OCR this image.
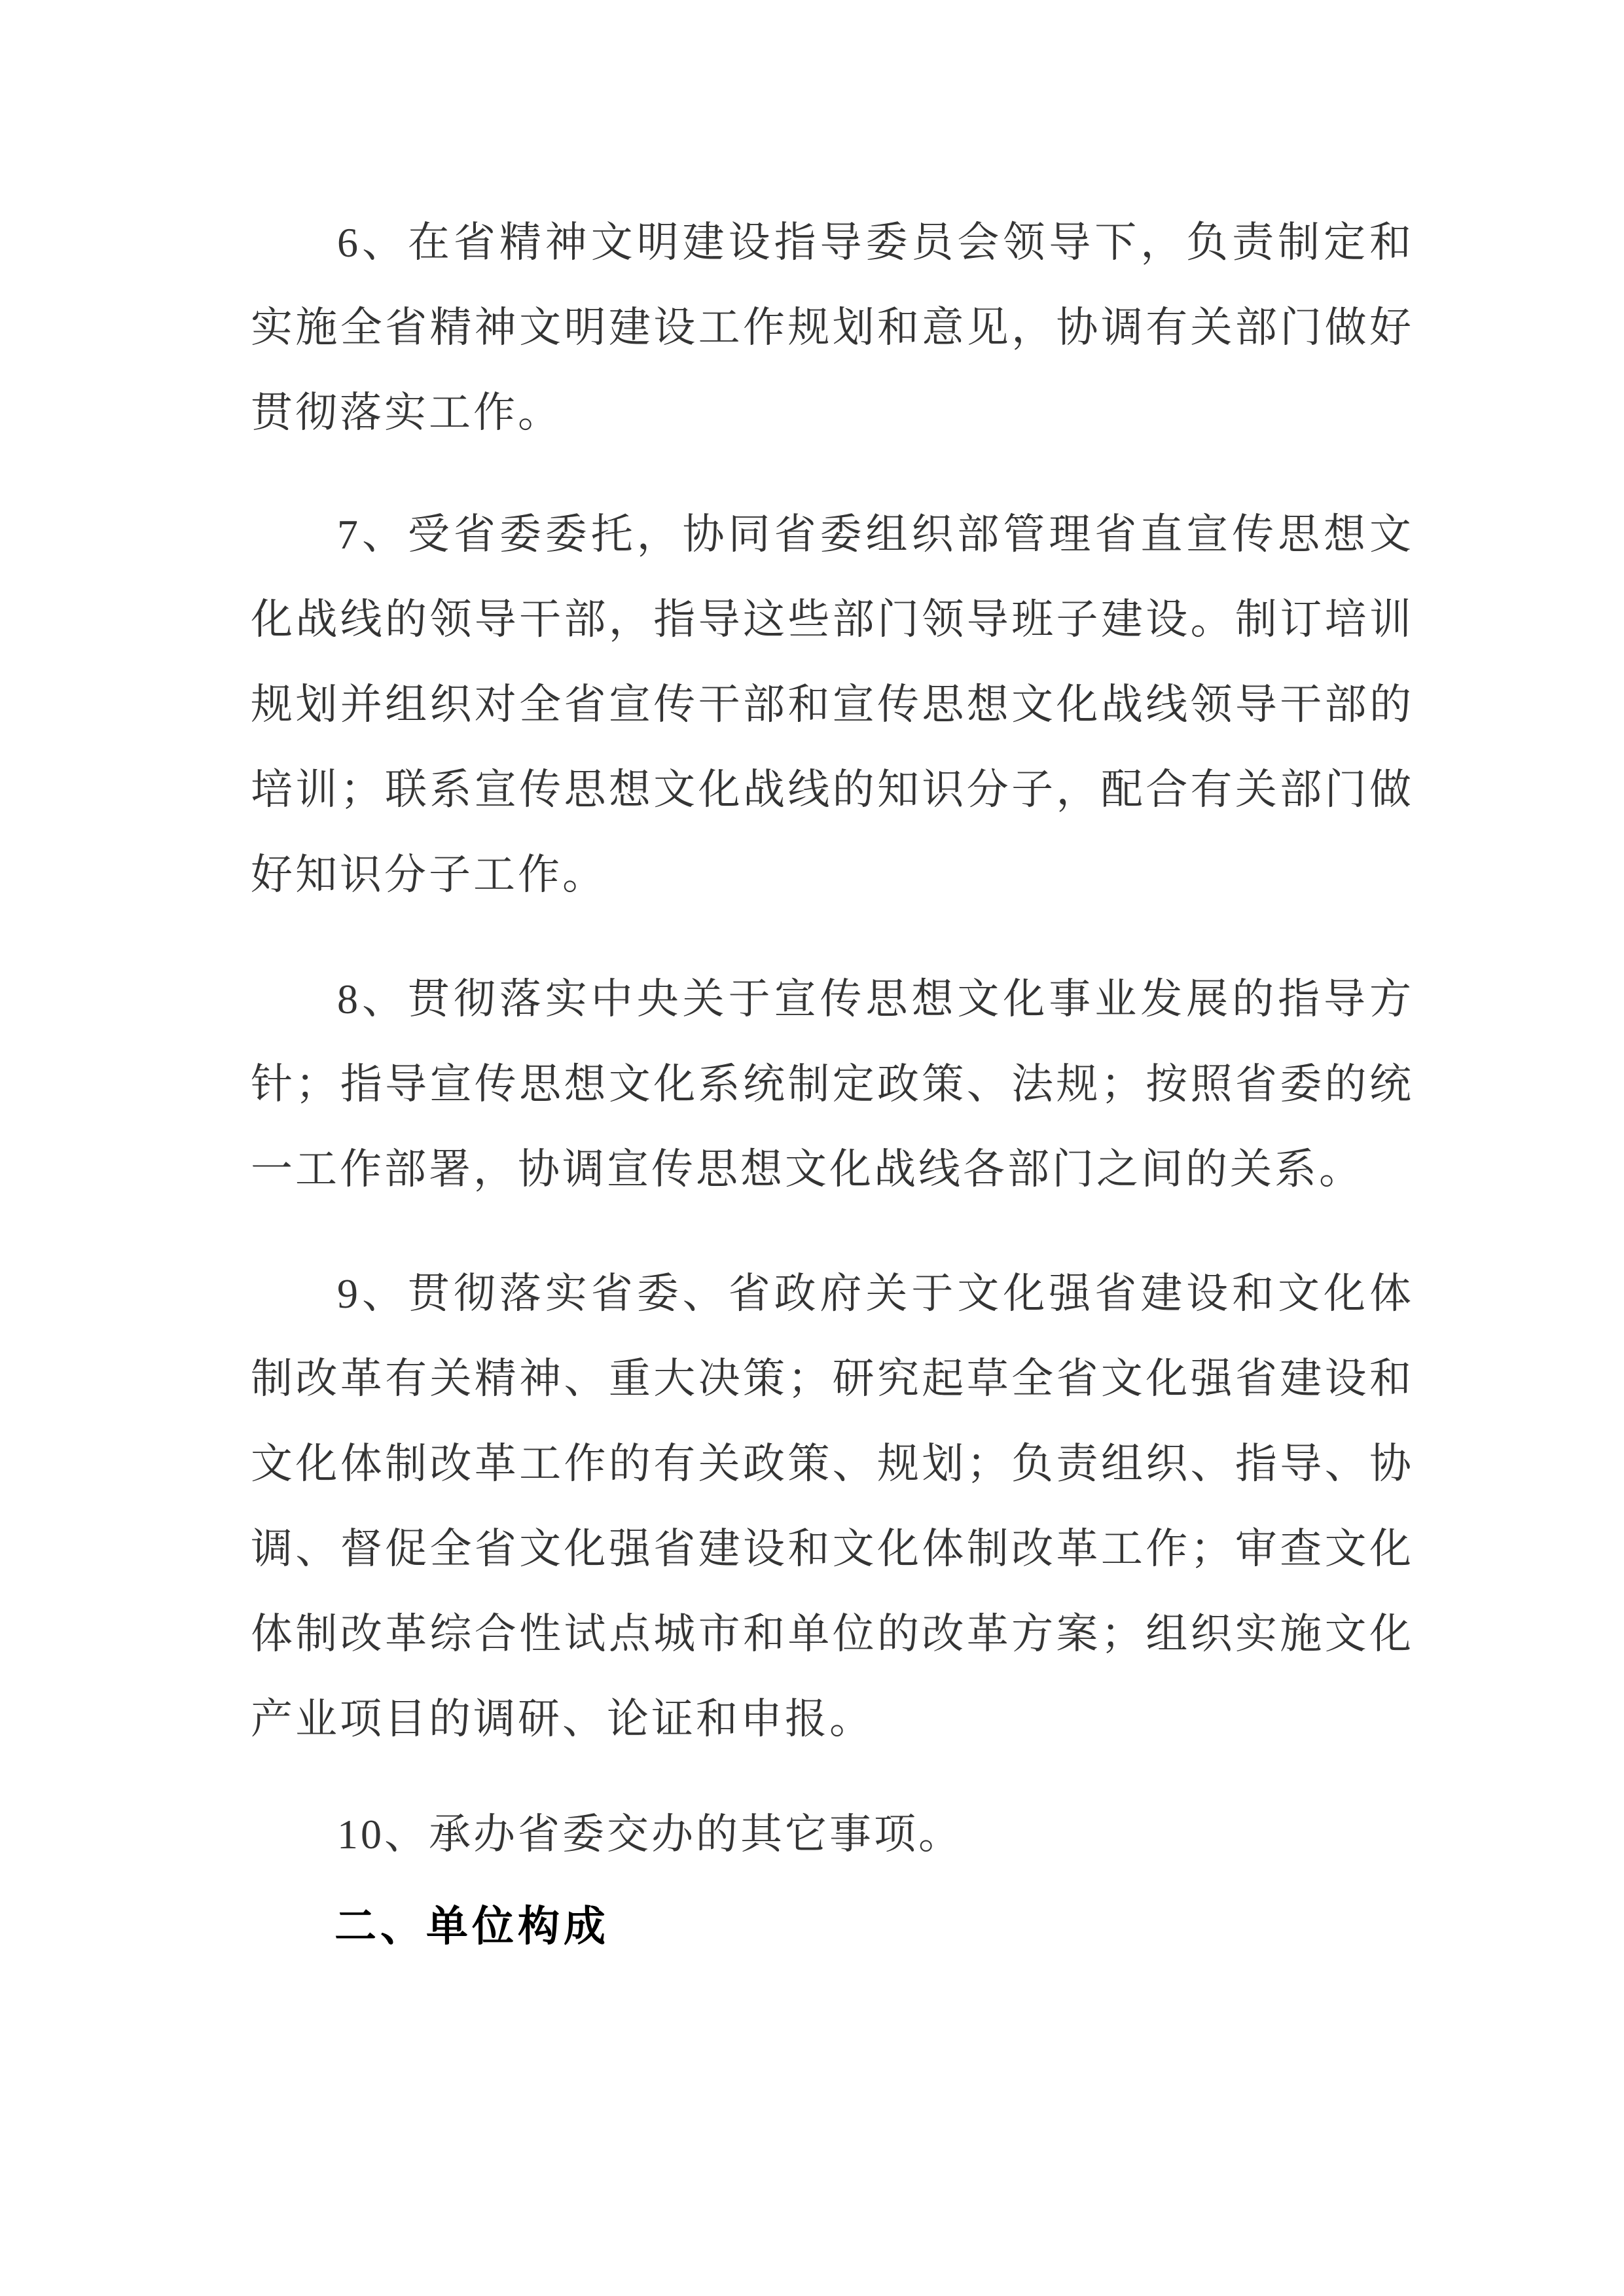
6、在省精神文明建设指导委员会领导下，负责制定和实施全省精神文明建设工作规划和意见，协调有关部门做好贯彻落实工作。

7、受省委委托，协同省委组织部管理省直宣传思想文化战线的领导干部，指导这些部门领导班子建设。制订培训规划并组织对全省宣传干部和宣传思想文化战线领导干部的培训；联系宣传思想文化战线的知识分子，配合有关部门做好知识分子工作。

8、贯彻落实中央关于宣传思想文化事业发展的指导方针；指导宣传思想文化系统制定政策、法规；按照省委的统一工作部署，协调宣传思想文化战线各部门之间的关系。

9、贯彻落实省委、省政府关于文化强省建设和文化体制改革有关精神、重大决策；研究起草全省文化强省建设和文化体制改革工作的有关政策、规划；负责组织、指导、协调、督促全省文化强省建设和文化体制改革工作；审查文化体制改革综合性试点城市和单位的改革方案；组织实施文化产业项目的调研、论证和申报。

10、承办省委交办的其它事项。

二、单位构成
